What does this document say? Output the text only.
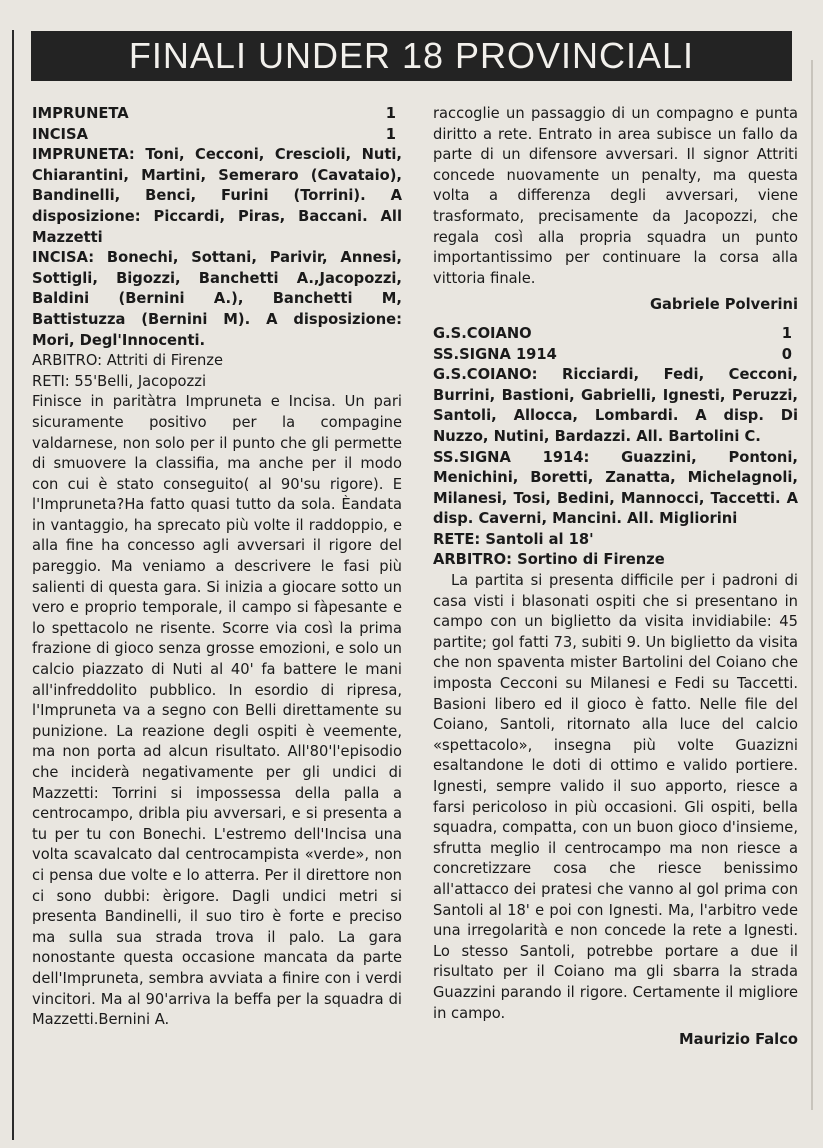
FINALI UNDER 18 PROVINCIALI
IMPRUNETA	1
INCISA	1

IMPRUNETA: Toni, Cecconi, Crescioli, Nuti, Chiarantini, Martini, Semeraro (Cavataio), Bandinelli, Benci, Furini (Torrini). A disposizione: Piccardi, Piras, Baccani. All Mazzetti

INCISA: Bonechi, Sottani, Parivir, Annesi, Sottigli, Bigozzi, Banchetti A.,Jacopozzi, Baldini (Bernini A.), Banchetti M, Battistuzza (Bernini M). A disposizione: Mori, Degl'Innocenti.

ARBITRO: Attriti di Firenze

RETI: 55'Belli, Jacopozzi

Finisce in paritàtra Impruneta e Incisa. Un pari sicuramente positivo per la compagine valdarnese, non solo per il punto che gli permette di smuovere la classifia, ma anche per il modo con cui è stato conseguito( al 90'su rigore). E l'Impruneta?Ha fatto quasi tutto da sola. Èandata in vantaggio, ha sprecato più volte il raddoppio, e alla fine ha concesso agli avversari il rigore del pareggio. Ma veniamo a descrivere le fasi più salienti di questa gara. Si inizia a giocare sotto un vero e proprio temporale, il campo si fàpesante e lo spettacolo ne risente. Scorre via così la prima frazione di gioco senza grosse emozioni, e solo un calcio piazzato di Nuti al 40' fa battere le mani all'infreddolito pubblico. In esordio di ripresa, l'Impruneta va a segno con Belli direttamente su punizione. La reazione degli ospiti è veemente, ma non porta ad alcun risultato. All'80'l'episodio che inciderà negativamente per gli undici di Mazzetti: Torrini si impossessa della palla a centrocampo, dribla piu avversari, e si presenta a tu per tu con Bonechi. L'estremo dell'Incisa una volta scavalcato dal centrocampista «verde», non ci pensa due volte e lo atterra. Per il direttore non ci sono dubbi: èrigore. Dagli undici metri si presenta Bandinelli, il suo tiro è forte e preciso ma sulla sua strada trova il palo. La gara nonostante questa occasione mancata da parte dell'Impruneta, sembra avviata a finire con i verdi vincitori. Ma al 90'arriva la beffa per la squadra di Mazzetti.Bernini A.

raccoglie un passaggio di un compagno e punta diritto a rete. Entrato in area subisce un fallo da parte di un difensore avversari. Il signor Attriti concede nuovamente un penalty, ma questa volta a differenza degli avversari, viene trasformato, precisamente da Jacopozzi, che regala così alla propria squadra un punto importantissimo per continuare la corsa alla vittoria finale.

Gabriele Polverini
G.S.COIANO	1
SS.SIGNA 1914	0

G.S.COIANO: Ricciardi, Fedi, Cecconi, Burrini, Bastioni, Gabrielli, Ignesti, Peruzzi, Santoli, Allocca, Lombardi. A disp. Di Nuzzo, Nutini, Bardazzi. All. Bartolini C.

SS.SIGNA 1914: Guazzini, Pontoni, Menichini, Boretti, Zanatta, Michelagnoli, Milanesi, Tosi, Bedini, Mannocci, Taccetti. A disp. Caverni, Mancini. All. Migliorini

RETE: Santoli al 18'

ARBITRO: Sortino di Firenze

La partita si presenta difficile per i padroni di casa visti i blasonati ospiti che si presentano in campo con un biglietto da visita invidiabile: 45 partite; gol fatti 73, subiti 9. Un biglietto da visita che non spaventa mister Bartolini del Coiano che imposta Cecconi su Milanesi e Fedi su Taccetti. Basioni libero ed il gioco è fatto. Nelle file del Coiano, Santoli, ritornato alla luce del calcio «spettacolo», insegna più volte Guazizni esaltandone le doti di ottimo e valido portiere. Ignesti, sempre valido il suo apporto, riesce a farsi pericoloso in più occasioni. Gli ospiti, bella squadra, compatta, con un buon gioco d'insieme, sfrutta meglio il centrocampo ma non riesce a concretizzare cosa che riesce benissimo all'attacco dei pratesi che vanno al gol prima con Santoli al 18' e poi con Ignesti. Ma, l'arbitro vede una irregolarità e non concede la rete a Ignesti. Lo stesso Santoli, potrebbe portare a due il risultato per il Coiano ma gli sbarra la strada Guazzini parando il rigore. Certamente il migliore in campo.

Maurizio Falco
